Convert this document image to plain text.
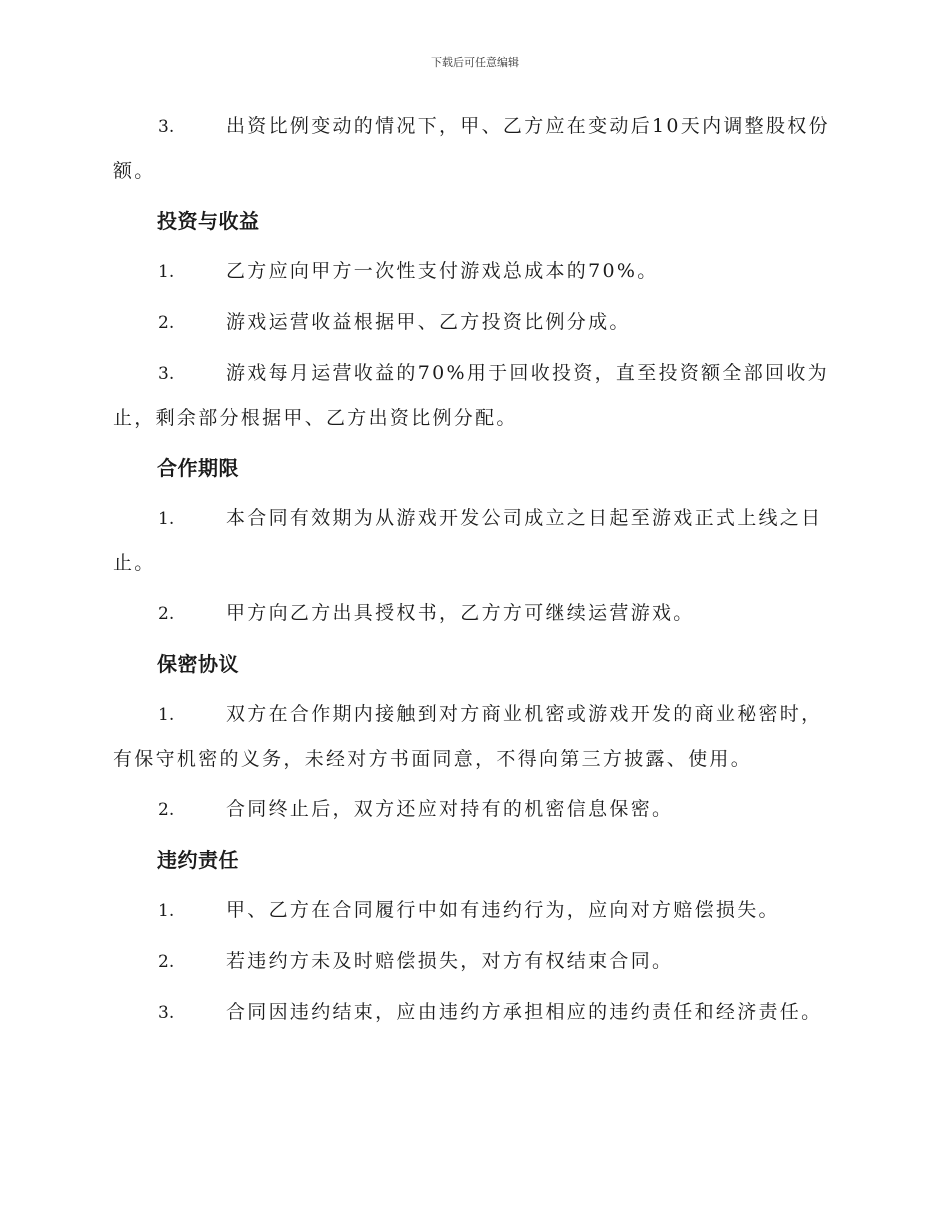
下载后可任意编辑
3.	出资比例变动的情况下，甲、乙方应在变动后10天内调整股权份额。
投资与收益
1.	乙方应向甲方一次性支付游戏总成本的70%。
2.	游戏运营收益根据甲、乙方投资比例分成。
3.	游戏每月运营收益的70%用于回收投资，直至投资额全部回收为止，剩余部分根据甲、乙方出资比例分配。
合作期限
1.	本合同有效期为从游戏开发公司成立之日起至游戏正式上线之日止。
2.	甲方向乙方出具授权书，乙方方可继续运营游戏。
保密协议
1.	双方在合作期内接触到对方商业机密或游戏开发的商业秘密时，有保守机密的义务，未经对方书面同意，不得向第三方披露、使用。
2.	合同终止后，双方还应对持有的机密信息保密。
违约责任
1.	甲、乙方在合同履行中如有违约行为，应向对方赔偿损失。
2.	若违约方未及时赔偿损失，对方有权结束合同。
3.	合同因违约结束，应由违约方承担相应的违约责任和经济责任。
